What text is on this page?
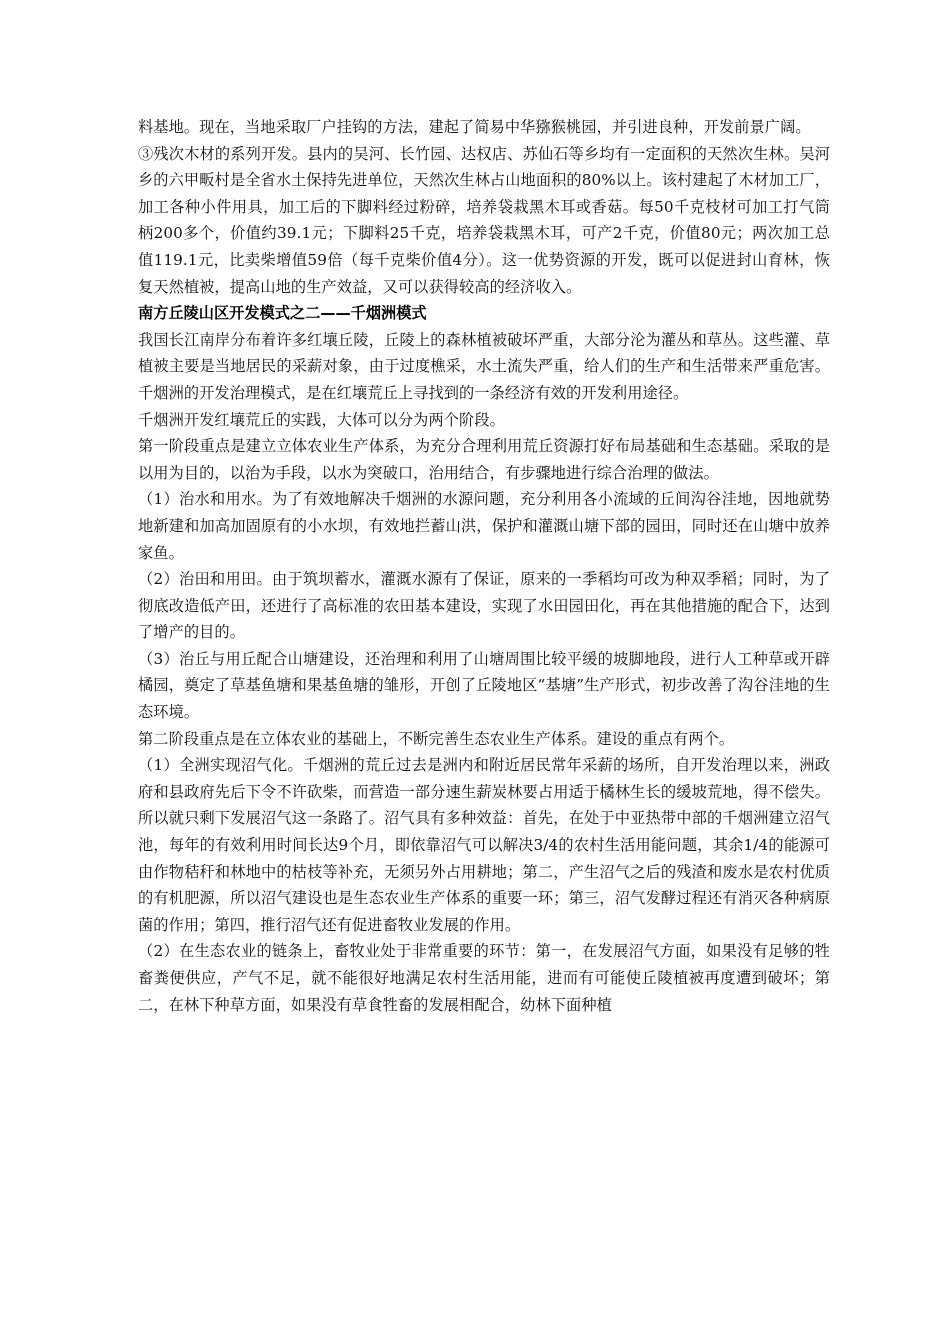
料基地。现在，当地采取厂户挂钩的方法，建起了简易中华猕猴桃园，并引进良种，开发前景广阔。

③残次木材的系列开发。县内的吴河、长竹园、达权店、苏仙石等乡均有一定面积的天然次生林。吴河乡的六甲畈村是全省水土保持先进单位，天然次生林占山地面积的80%以上。该村建起了木材加工厂，加工各种小件用具，加工后的下脚料经过粉碎，培养袋栽黑木耳或香菇。每50千克枝材可加工打气筒柄200多个，价值约39.1元；下脚料25千克，培养袋栽黑木耳，可产2千克，价值80元；两次加工总值119.1元，比卖柴增值59倍（每千克柴价值4分）。这一优势资源的开发，既可以促进封山育林，恢复天然植被，提高山地的生产效益，又可以获得较高的经济收入。

南方丘陵山区开发模式之二——千烟洲模式

我国长江南岸分布着许多红壤丘陵，丘陵上的森林植被破坏严重，大部分沦为灌丛和草丛。这些灌、草植被主要是当地居民的采薪对象，由于过度樵采，水土流失严重，给人们的生产和生活带来严重危害。千烟洲的开发治理模式，是在红壤荒丘上寻找到的一条经济有效的开发利用途径。

千烟洲开发红壤荒丘的实践，大体可以分为两个阶段。

第一阶段重点是建立立体农业生产体系，为充分合理利用荒丘资源打好布局基础和生态基础。采取的是以用为目的，以治为手段，以水为突破口，治用结合，有步骤地进行综合治理的做法。

（1）治水和用水。为了有效地解决千烟洲的水源问题，充分利用各小流域的丘间沟谷洼地，因地就势地新建和加高加固原有的小水坝，有效地拦蓄山洪，保护和灌溉山塘下部的园田，同时还在山塘中放养家鱼。

（2）治田和用田。由于筑坝蓄水，灌溉水源有了保证，原来的一季稻均可改为种双季稻；同时，为了彻底改造低产田，还进行了高标准的农田基本建设，实现了水田园田化，再在其他措施的配合下，达到了增产的目的。

（3）治丘与用丘配合山塘建设，还治理和利用了山塘周围比较平缓的坡脚地段，进行人工种草或开辟橘园，奠定了草基鱼塘和果基鱼塘的雏形，开创了丘陵地区“基塘”生产形式，初步改善了沟谷洼地的生态环境。

第二阶段重点是在立体农业的基础上，不断完善生态农业生产体系。建设的重点有两个。

（1）全洲实现沼气化。千烟洲的荒丘过去是洲内和附近居民常年采薪的场所，自开发治理以来，洲政府和县政府先后下令不许砍柴，而营造一部分速生薪炭林要占用适于橘林生长的缓坡荒地，得不偿失。所以就只剩下发展沼气这一条路了。沼气具有多种效益：首先，在处于中亚热带中部的千烟洲建立沼气池，每年的有效利用时间长达9个月，即依靠沼气可以解决3/4的农村生活用能问题，其余1/4的能源可由作物秸秆和林地中的枯枝等补充，无须另外占用耕地；第二，产生沼气之后的残渣和废水是农村优质的有机肥源，所以沼气建设也是生态农业生产体系的重要一环；第三，沼气发酵过程还有消灭各种病原菌的作用；第四，推行沼气还有促进畜牧业发展的作用。

（2）在生态农业的链条上，畜牧业处于非常重要的环节：第一，在发展沼气方面，如果没有足够的牲畜粪便供应，产气不足，就不能很好地满足农村生活用能，进而有可能使丘陵植被再度遭到破坏；第二，在林下种草方面，如果没有草食牲畜的发展相配合，幼林下面种植
